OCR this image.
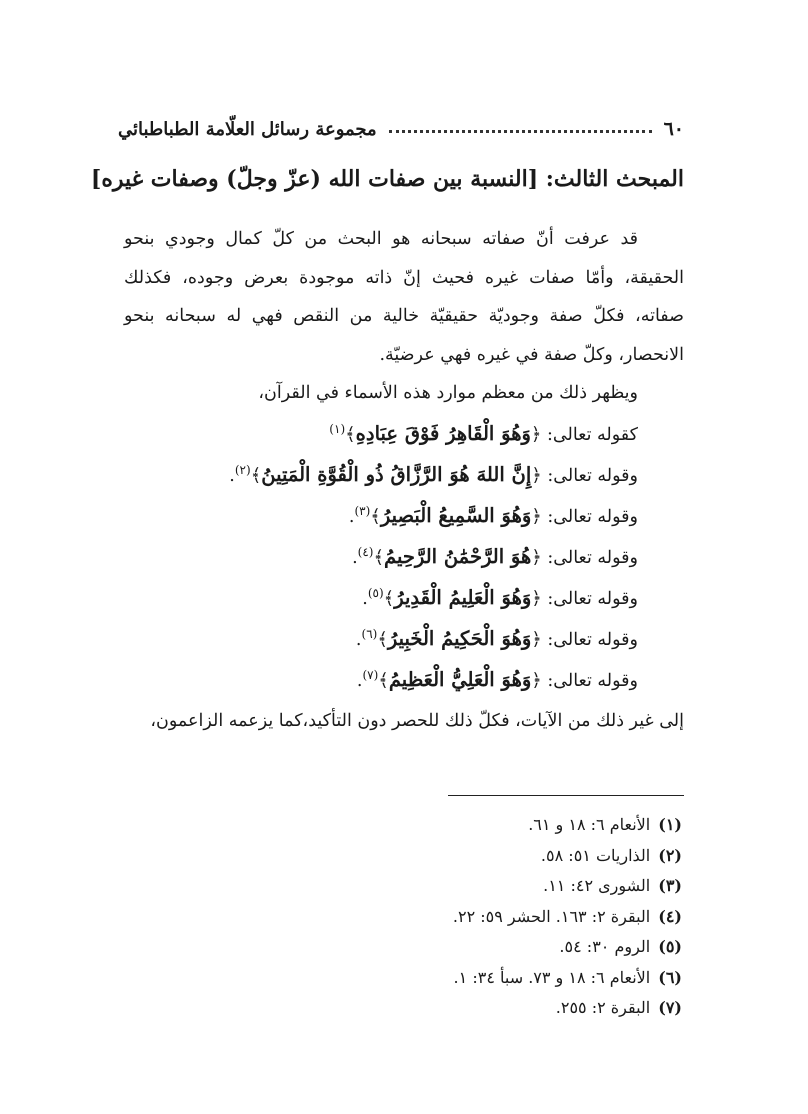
٦٠
مجموعة رسائل العلّامة الطباطبائي
المبحث الثالث: [النسبة بين صفات الله (عزّ وجلّ) وصفات غيره]

قد عرفت أنّ صفاته سبحانه هو البحث من كلّ كمال وجودي بنحو الحقيقة، وأمّا صفات غيره فحيث إنّ ذاته موجودة بعرض وجوده، فكذلك صفاته، فكلّ صفة وجوديّة حقيقيّة خالية من النقص فهي له سبحانه بنحو الانحصار، وكلّ صفة في غيره فهي عرضيّة.

ويظهر ذلك من معظم موارد هذه الأسماء في القرآن،

كقوله تعالى: ﴿وَهُوَ الْقَاهِرُ فَوْقَ عِبَادِهِ﴾$^{(١)}$
وقوله تعالى: ﴿إِنَّ اللهَ هُوَ الرَّزَّاقُ ذُو الْقُوَّةِ الْمَتِينُ﴾$^{(٢)}$.
وقوله تعالى: ﴿وَهُوَ السَّمِيعُ الْبَصِيرُ﴾$^{(٣)}$.
وقوله تعالى: ﴿هُوَ الرَّحْمَٰنُ الرَّحِيمُ﴾$^{(٤)}$.
وقوله تعالى: ﴿وَهُوَ الْعَلِيمُ الْقَدِيرُ﴾$^{(٥)}$.
وقوله تعالى: ﴿وَهُوَ الْحَكِيمُ الْخَبِيرُ﴾$^{(٦)}$.
وقوله تعالى: ﴿وَهُوَ الْعَلِيُّ الْعَظِيمُ﴾$^{(٧)}$.

إلى غير ذلك من الآيات، فكلّ ذلك للحصر دون التأكيد،كما يزعمه الزاعمون،

(١)الأنعام ٦: ١٨ و ٦١.

(٢)الذاريات ٥١: ٥٨.

(٣)الشورى ٤٢: ١١.

(٤)البقرة ٢: ١٦٣. الحشر ٥٩: ٢٢.

(٥)الروم ٣٠: ٥٤.

(٦)الأنعام ٦: ١٨ و ٧٣. سبأ ٣٤: ١.

(٧)البقرة ٢: ٢٥٥.
